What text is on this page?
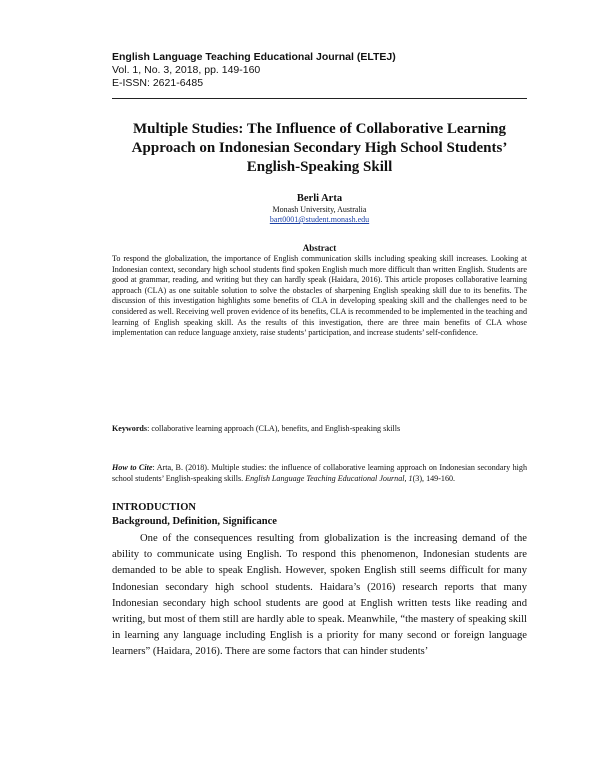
English Language Teaching Educational Journal (ELTEJ)
Vol. 1, No. 3, 2018, pp. 149-160
E-ISSN: 2621-6485
Multiple Studies: The Influence of Collaborative Learning Approach on Indonesian Secondary High School Students’ English-Speaking Skill
Berli Arta
Monash University, Australia
bart0001@student.monash.edu
Abstract
To respond the globalization, the importance of English communication skills including speaking skill increases. Looking at Indonesian context, secondary high school students find spoken English much more difficult than written English. Students are good at grammar, reading, and writing but they can hardly speak (Haidara, 2016). This article proposes collaborative learning approach (CLA) as one suitable solution to solve the obstacles of sharpening English speaking skill due to its benefits. The discussion of this investigation highlights some benefits of CLA in developing speaking skill and the challenges need to be considered as well. Receiving well proven evidence of its benefits, CLA is recommended to be implemented in the teaching and learning of English speaking skill. As the results of this investigation, there are three main benefits of CLA whose implementation can reduce language anxiety, raise students’ participation, and increase students’ self-confidence.
Keywords: collaborative learning approach (CLA), benefits, and English-speaking skills
How to Cite: Arta, B. (2018). Multiple studies: the influence of collaborative learning approach on Indonesian secondary high school students’ English-speaking skills. English Language Teaching Educational Journal, 1(3), 149-160.
INTRODUCTION
Background, Definition, Significance
One of the consequences resulting from globalization is the increasing demand of the ability to communicate using English. To respond this phenomenon, Indonesian students are demanded to be able to speak English. However, spoken English still seems difficult for many Indonesian secondary high school students. Haidara’s (2016) research reports that many Indonesian secondary high school students are good at English written tests like reading and writing, but most of them still are hardly able to speak. Meanwhile, “the mastery of speaking skill in learning any language including English is a priority for many second or foreign language learners” (Haidara, 2016). There are some factors that can hinder students’
